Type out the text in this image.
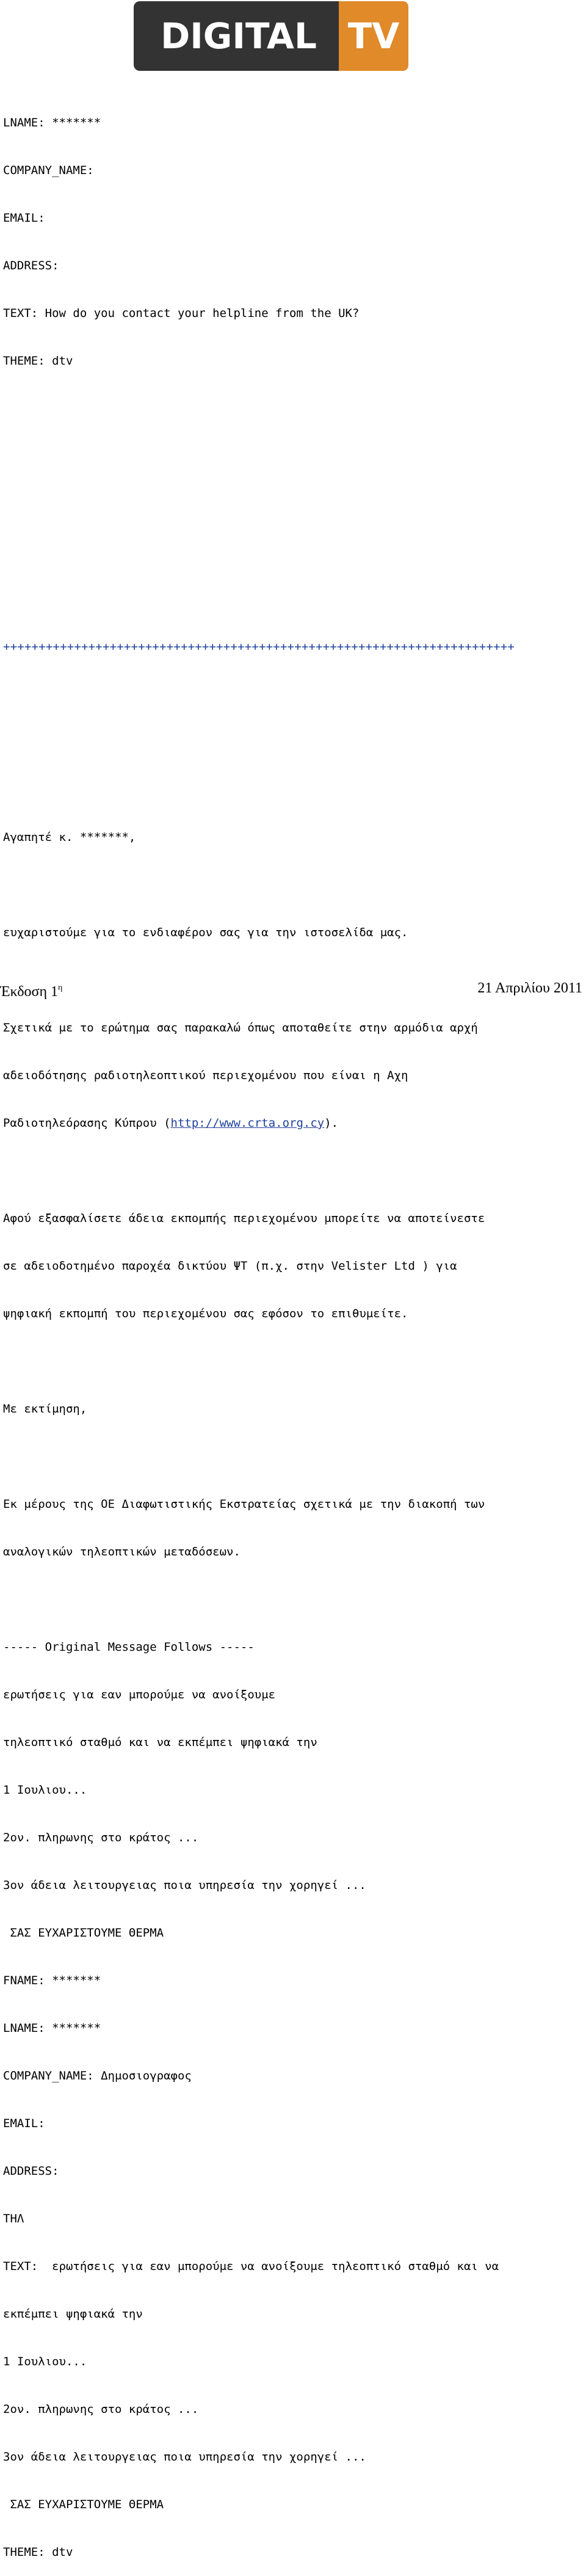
DIGITAL TV

LNAME: *******

COMPANY_NAME:

EMAIL:

ADDRESS:

TEXT: How do you contact your helpline from the UK?

THEME: dtv

++++++++++++++++++++++++++++++++++++++++++++++++++++++++++++++++++++++++

Αγαπητέ κ. *******,

ευχαριστούμε για το ενδιαφέρον σας για την ιστοσελίδα μας.

Σχετικά με το ερώτημα σας παρακαλώ όπως αποταθείτε στην αρμόδια αρχή

αδειοδότησης ραδιοτηλεοπτικού περιεχομένου που είναι η Αχη

Ραδιοτηλεόρασης Κύπρου (http://www.crta.org.cy).

Αφού εξασφαλίσετε άδεια εκπομπής περιεχομένου μπορείτε να αποτείνεστε

σε αδειοδοτημένο παροχέα δικτύου ΨΤ (π.χ. στην Velister Ltd ) για

ψηφιακή εκπομπή του περιεχομένου σας εφόσον το επιθυμείτε.

Με εκτίμηση,

Εκ μέρους της ΟΕ Διαφωτιστικής Εκστρατείας σχετικά με την διακοπή των

αναλογικών τηλεοπτικών μεταδόσεων.

----- Original Message Follows -----

ερωτήσεις για εαν μπορούμε να ανοίξουμε

τηλεοπτικό σταθμό και να εκπέμπει ψηφιακά την

1 Ιουλιου...

2ον. πληρωνης στο κράτος ...

3ον άδεια λειτουργειας ποια υπηρεσία την χορηγεί ...

ΣΑΣ ΕΥΧΑΡΙΣΤΟΥΜΕ ΘΕΡΜΑ

FNAME: *******

LNAME: *******

COMPANY_NAME: Δημοσιογραφος

EMAIL:

ADDRESS:

ΤΗΛ

TEXT:  ερωτήσεις για εαν μπορούμε να ανοίξουμε τηλεοπτικό σταθμό και να

εκπέμπει ψηφιακά την

1 Ιουλιου...

2ον. πληρωνης στο κράτος ...

3ον άδεια λειτουργειας ποια υπηρεσία την χορηγεί ...

ΣΑΣ ΕΥΧΑΡΙΣΤΟΥΜΕ ΘΕΡΜΑ

THEME: dtv

Έκδοση $1^\eta$	21 Απριλίου 2011
